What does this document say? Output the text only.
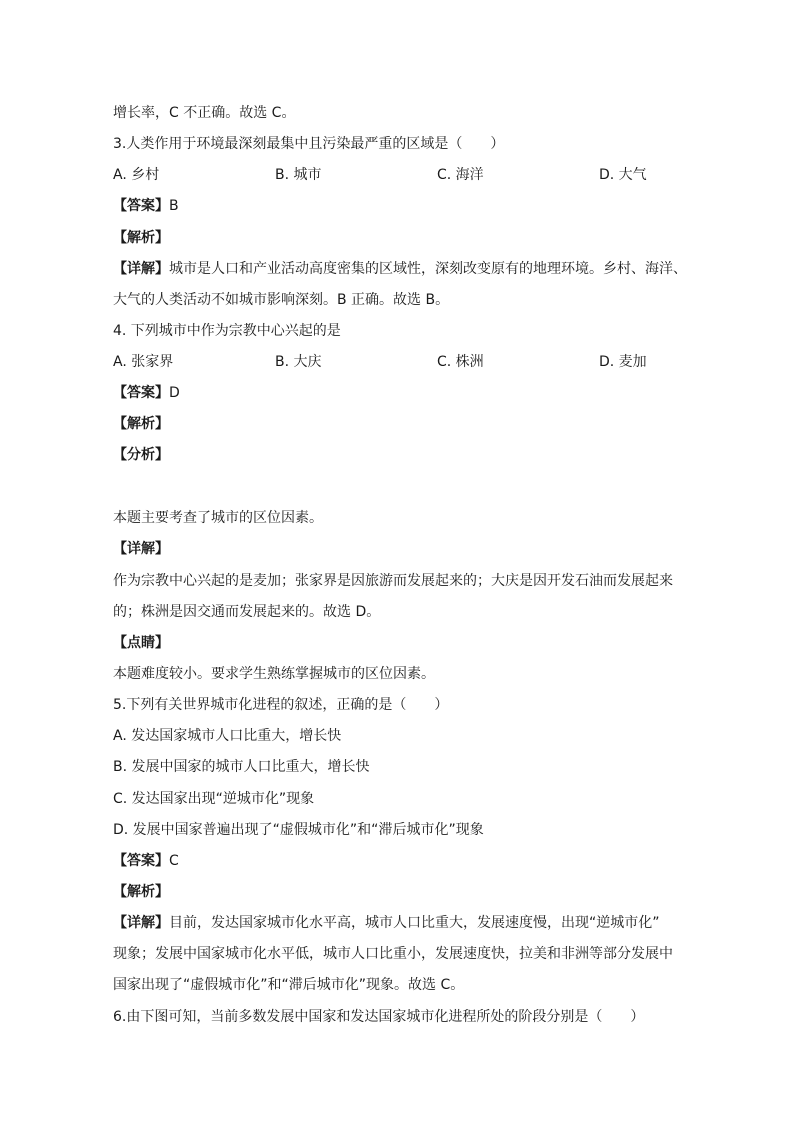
增长率，C 不正确。故选 C。
3.人类作用于环境最深刻最集中且污染最严重的区域是（　　）
A. 乡村	B. 城市	C. 海洋	D. 大气
【答案】B
【解析】
【详解】城市是人口和产业活动高度密集的区域性，深刻改变原有的地理环境。乡村、海洋、
大气的人类活动不如城市影响深刻。B 正确。故选 B。
4. 下列城市中作为宗教中心兴起的是
A. 张家界	B. 大庆	C. 株洲	D. 麦加
【答案】D
【解析】
【分析】
本题主要考查了城市的区位因素。
【详解】
作为宗教中心兴起的是麦加；张家界是因旅游而发展起来的；大庆是因开发石油而发展起来
的；株洲是因交通而发展起来的。故选 D。
【点睛】
本题难度较小。要求学生熟练掌握城市的区位因素。
5.下列有关世界城市化进程的叙述，正确的是（　　）
A. 发达国家城市人口比重大，增长快
B. 发展中国家的城市人口比重大，增长快
C. 发达国家出现“逆城市化”现象
D. 发展中国家普遍出现了“虚假城市化”和“滞后城市化”现象
【答案】C
【解析】
【详解】目前，发达国家城市化水平高，城市人口比重大，发展速度慢，出现“逆城市化”
现象；发展中国家城市化水平低，城市人口比重小，发展速度快，拉美和非洲等部分发展中
国家出现了“虚假城市化”和“滞后城市化”现象。故选 C。
6.由下图可知，当前多数发展中国家和发达国家城市化进程所处的阶段分别是（　　）
